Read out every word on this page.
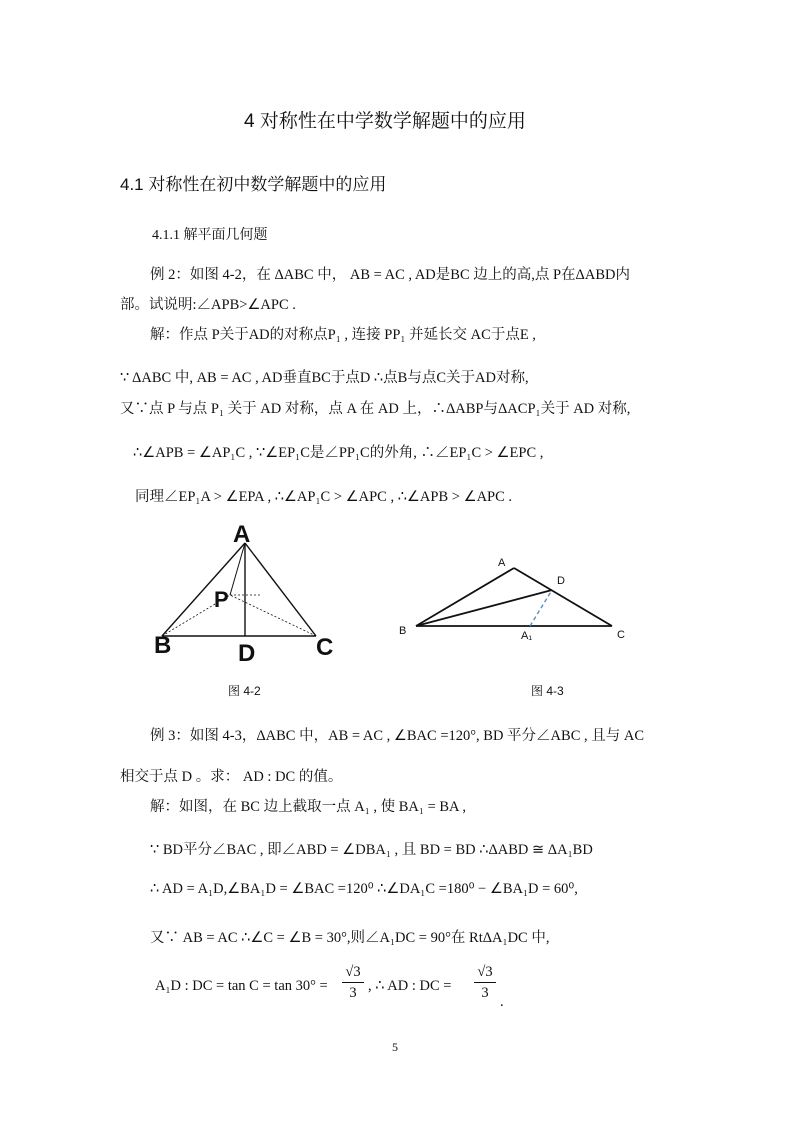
4 对称性在中学数学解题中的应用
4.1 对称性在初中数学解题中的应用
4.1.1 解平面几何题
例 2：如图 4-2，在 ΔABC 中， AB = AC , AD是BC 边上的高,点 P在ΔABD内
部。试说明:∠APB>∠APC .
解：作点 P关于AD的对称点P₁ , 连接 PP₁ 并延长交 AC于点E ,
∵ ΔABC 中, AB = AC , AD垂直BC于点D ∴点B与点C关于AD对称,
又∵点 P 与点 P₁ 关于 AD 对称，点 A 在 AD 上，∴ΔABP与ΔACP₁关于 AD 对称,
∴∠APB = ∠AP₁C , ∵∠EP₁C是∠PP₁C的外角, ∴∠EP₁C > ∠EPC ,
同理∠EP₁A > ∠EPA , ∴∠AP₁C > ∠APC , ∴∠APB > ∠APC .
A
P
B	D	C
A
D
B	A₁	C
图 4-2	图 4-3
例 3：如图 4-3，ΔABC 中，AB = AC , ∠BAC =120°, BD 平分∠ABC , 且与 AC
相交于点 D 。求： AD : DC 的值。
解：如图，在 BC 边上截取一点 A₁ , 使 BA₁ = BA ,
∵ BD平分∠BAC , 即∠ABD = ∠DBA₁ , 且 BD = BD ∴ΔABD ≅ ΔA₁BD
∴ AD = A₁D,∠BA₁D = ∠BAC =120⁰ ∴∠DA₁C =180⁰ − ∠BA₁D = 60⁰,
又∵ AB = AC ∴∠C = ∠B = 30°,则∠A₁DC = 90°在 RtΔA₁DC 中,
A₁D : DC = $\tan C = \tan 30^\circ = \frac{√3}{3}$ , ∴ AD : DC = $\frac{√3}{3}$ .
5
